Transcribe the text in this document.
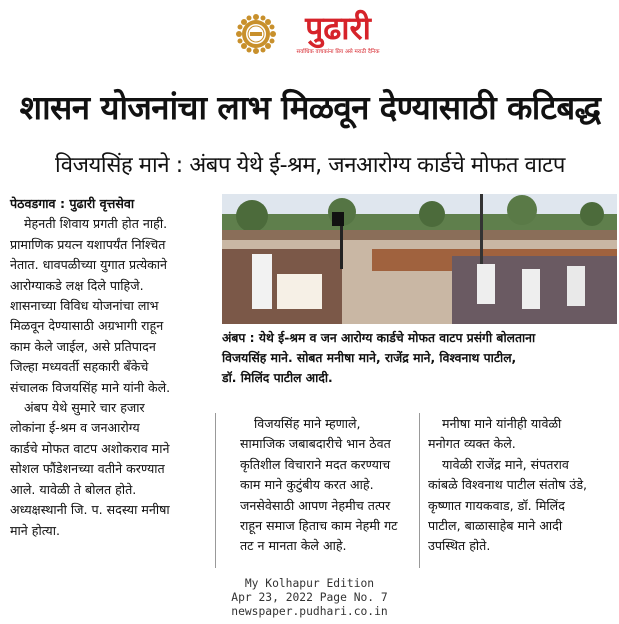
पुढारी
सर्वाधिक वाचकांना प्रिय असे मराठी दैनिक
शासन योजनांचा लाभ मिळवून देण्यासाठी कटिबद्ध
विजयसिंह माने : अंबप येथे ई-श्रम, जनआरोग्य कार्डचे मोफत वाटप
पेठवडगाव : पुढारी वृत्तसेवा

मेहनती शिवाय प्रगती होत नाही.

प्रामाणिक प्रयत्न यशापर्यंत निश्चित
नेतात. धावपळीच्या युगात प्रत्येकाने
आरोग्याकडे लक्ष दिले पाहिजे.
शासनाच्या विविध योजनांचा लाभ
मिळवून देण्यासाठी अग्रभागी राहून
काम केले जाईल, असे प्रतिपादन
जिल्हा मध्यवर्ती सहकारी बँकेचे
संचालक विजयसिंह माने यांनी केले.

अंबप येथे सुमारे चार हजार

लोकांना ई-श्रम व जनआरोग्य
कार्डचे मोफत वाटप अशोकराव माने
सोशल फौंडेशनच्या वतीने करण्यात
आले. यावेळी ते बोलत होते.
अध्यक्षस्थानी जि. प. सदस्या मनीषा
माने होत्या.
अंबप : येथे ई-श्रम व जन आरोग्य कार्डचे मोफत वाटप प्रसंगी बोलताना
विजयसिंह माने. सोबत मनीषा माने, राजेंद्र माने, विश्वनाथ पाटील,
डॉ. मिलिंद पाटील आदी.

विजयसिंह माने म्हणाले,

सामाजिक जबाबदारीचे भान ठेवत
कृतिशील विचाराने मदत करण्याच
काम माने कुटुंबीय करत आहे.
जनसेवेसाठी आपण नेहमीच तत्पर
राहून समाज हिताच काम नेहमी गट
तट न मानता केले आहे.

मनीषा माने यांनीही यावेळी

मनोगत व्यक्त केले.

यावेळी राजेंद्र माने, संपतराव

कांबळे विश्वनाथ पाटील संतोष उंडे,
कृष्णात गायकवाड, डॉ. मिलिंद
पाटील, बाळासाहेब माने आदी
उपस्थित होते.
My Kolhapur Edition
Apr 23, 2022 Page No. 7
newspaper.pudhari.co.in
